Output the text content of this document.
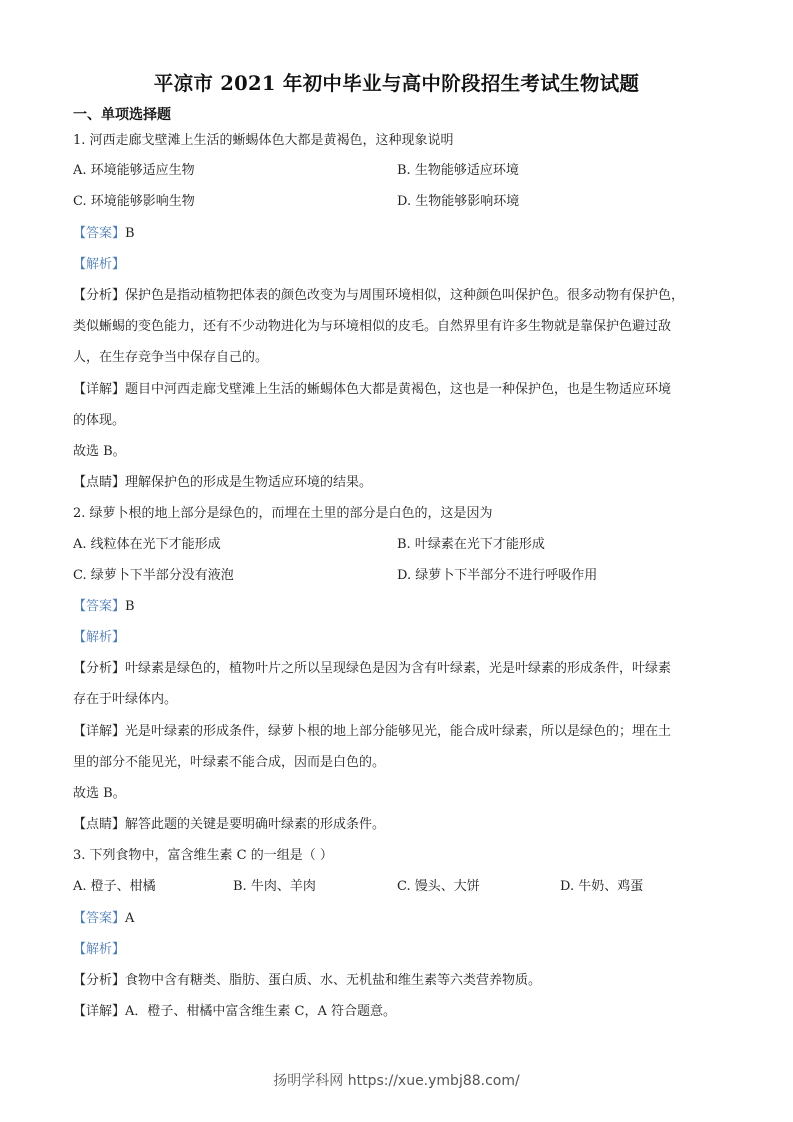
平凉市 2021 年初中毕业与高中阶段招生考试生物试题
一、单项选择题
1. 河西走廊戈壁滩上生活的蜥蜴体色大都是黄褐色，这种现象说明
A. 环境能够适应生物	B. 生物能够适应环境
C. 环境能够影响生物	D. 生物能够影响环境
【答案】B
【解析】
【分析】保护色是指动植物把体表的颜色改变为与周围环境相似，这种颜色叫保护色。很多动物有保护色，
类似蜥蜴的变色能力，还有不少动物进化为与环境相似的皮毛。自然界里有许多生物就是靠保护色避过敌
人，在生存竞争当中保存自己的。
【详解】题目中河西走廊戈壁滩上生活的蜥蜴体色大都是黄褐色，这也是一种保护色，也是生物适应环境
的体现。
故选 B。
【点睛】理解保护色的形成是生物适应环境的结果。
2. 绿萝卜根的地上部分是绿色的，而埋在土里的部分是白色的，这是因为
A. 线粒体在光下才能形成	B. 叶绿素在光下才能形成
C. 绿萝卜下半部分没有液泡	D. 绿萝卜下半部分不进行呼吸作用
【答案】B
【解析】
【分析】叶绿素是绿色的，植物叶片之所以呈现绿色是因为含有叶绿素，光是叶绿素的形成条件，叶绿素
存在于叶绿体内。
【详解】光是叶绿素的形成条件，绿萝卜根的地上部分能够见光，能合成叶绿素，所以是绿色的；埋在土
里的部分不能见光，叶绿素不能合成，因而是白色的。
故选 B。
【点睛】解答此题的关键是要明确叶绿素的形成条件。
3. 下列食物中，富含维生素 C 的一组是（ ）
A. 橙子、柑橘	B. 牛肉、羊肉	C. 馒头、大饼	D. 牛奶、鸡蛋
【答案】A
【解析】
【分析】食物中含有糖类、脂肪、蛋白质、水、无机盐和维生素等六类营养物质。
【详解】A．橙子、柑橘中富含维生素 C，A 符合题意。
扬明学科网 https://xue.ymbj88.com/
